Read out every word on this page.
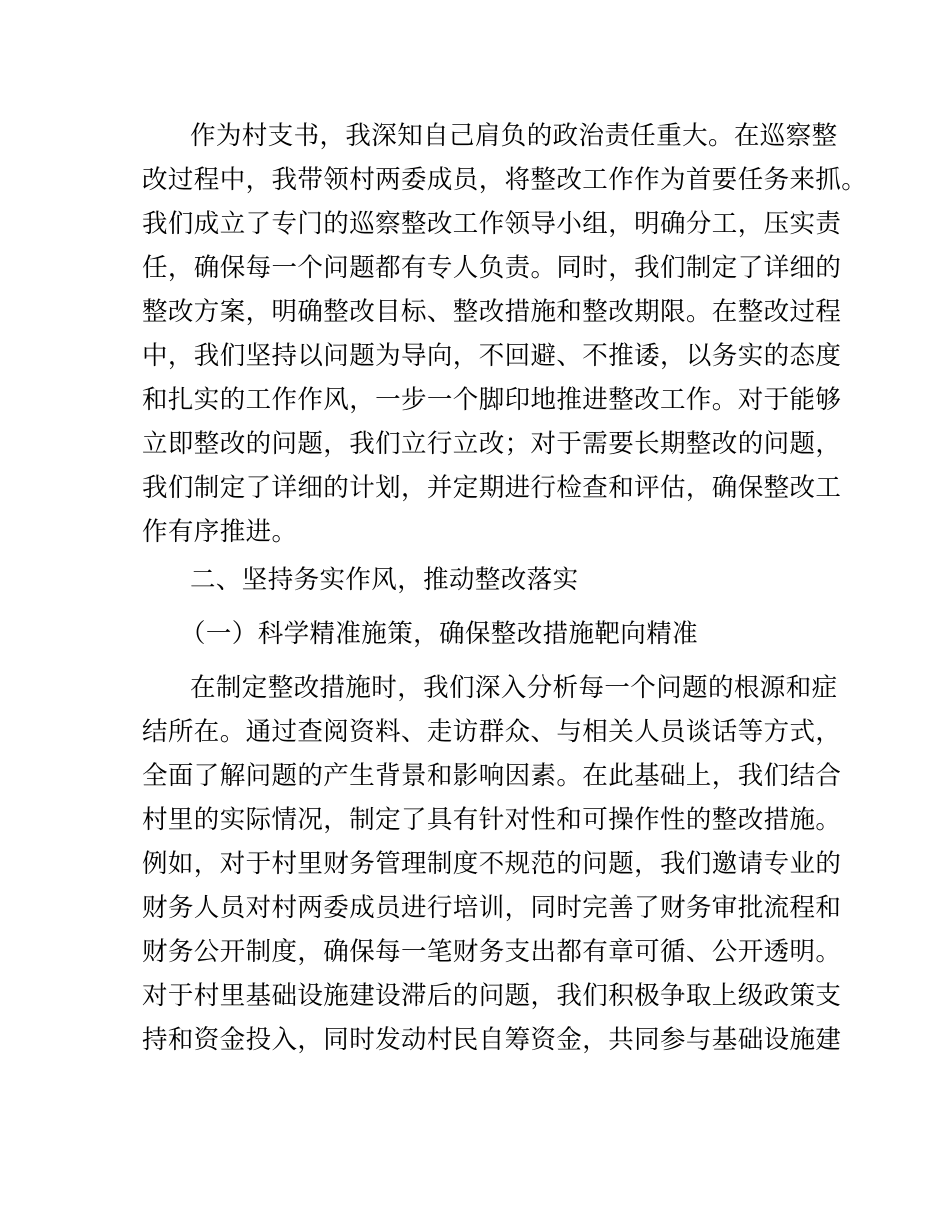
作为村支书，我深知自己肩负的政治责任重大。在巡察整
改过程中，我带领村两委成员，将整改工作作为首要任务来抓。
我们成立了专门的巡察整改工作领导小组，明确分工，压实责
任，确保每一个问题都有专人负责。同时，我们制定了详细的
整改方案，明确整改目标、整改措施和整改期限。在整改过程
中，我们坚持以问题为导向，不回避、不推诿，以务实的态度
和扎实的工作作风，一步一个脚印地推进整改工作。对于能够
立即整改的问题，我们立行立改；对于需要长期整改的问题，
我们制定了详细的计划，并定期进行检查和评估，确保整改工
作有序推进。
二、坚持务实作风，推动整改落实
（一）科学精准施策，确保整改措施靶向精准
在制定整改措施时，我们深入分析每一个问题的根源和症
结所在。通过查阅资料、走访群众、与相关人员谈话等方式，
全面了解问题的产生背景和影响因素。在此基础上，我们结合
村里的实际情况，制定了具有针对性和可操作性的整改措施。
例如，对于村里财务管理制度不规范的问题，我们邀请专业的
财务人员对村两委成员进行培训，同时完善了财务审批流程和
财务公开制度，确保每一笔财务支出都有章可循、公开透明。
对于村里基础设施建设滞后的问题，我们积极争取上级政策支
持和资金投入，同时发动村民自筹资金，共同参与基础设施建
